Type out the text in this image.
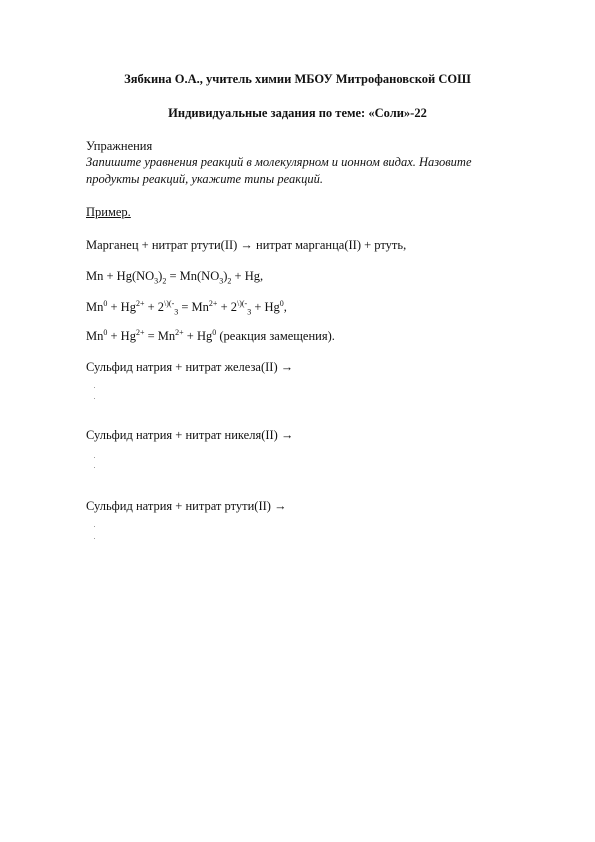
Зябкина О.А., учитель химии МБОУ Митрофановской СОШ
Индивидуальные задания по теме: «Соли»-22
Упражнения
Запишите уравнения реакций в молекулярном и ионном видах. Назовите
продукты реакций, укажите типы реакций.
Пример.
Марганец + нитрат ртути(II) → нитрат марганца(II) + ртуть,
$Mn + Hg(NO_3)_2 = Mn(NO_3)_2 + Hg$,
$Mn^0 + Hg^{2+} + 2^{\backslash)(-}_3 = Mn^{2+} + 2^{\backslash)(-}_3 + Hg^0$,
$Mn^0 + Hg^{2+} = Mn^{2+} + Hg^0$ (реакция замещения).
Сульфид натрия + нитрат железа(II) →
Сульфид натрия + нитрат никеля(II) →
Сульфид натрия + нитрат ртути(II) →
